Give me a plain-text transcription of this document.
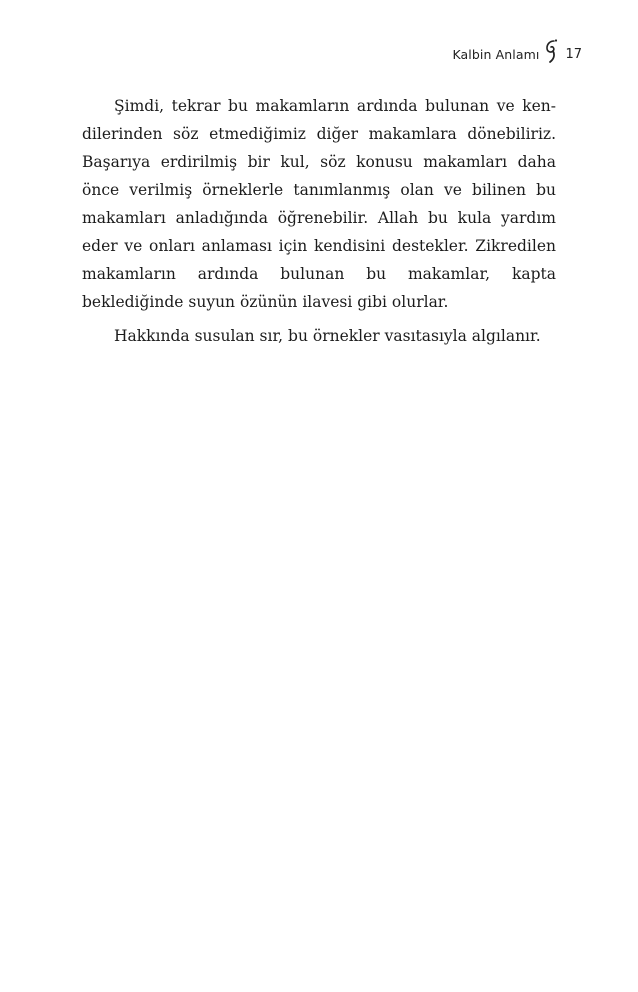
Kalbin Anlamı 17

Şimdi, tekrar bu makamların ardında bulunan ve kendilerinden söz etmediğimiz diğer makamlara dönebiliriz. Başarıya erdirilmiş bir kul, söz konusu makamları daha önce verilmiş örneklerle tanımlanmış olan ve bilinen bu makamları anladığında öğrenebilir. Allah bu kula yardım eder ve onları anlaması için kendisini destekler. Zikredilen makamların ardında bulunan bu makamlar, kapta beklediğinde suyun özünün ilavesi gibi olurlar.

Hakkında susulan sır, bu örnekler vasıtasıyla algılanır.
